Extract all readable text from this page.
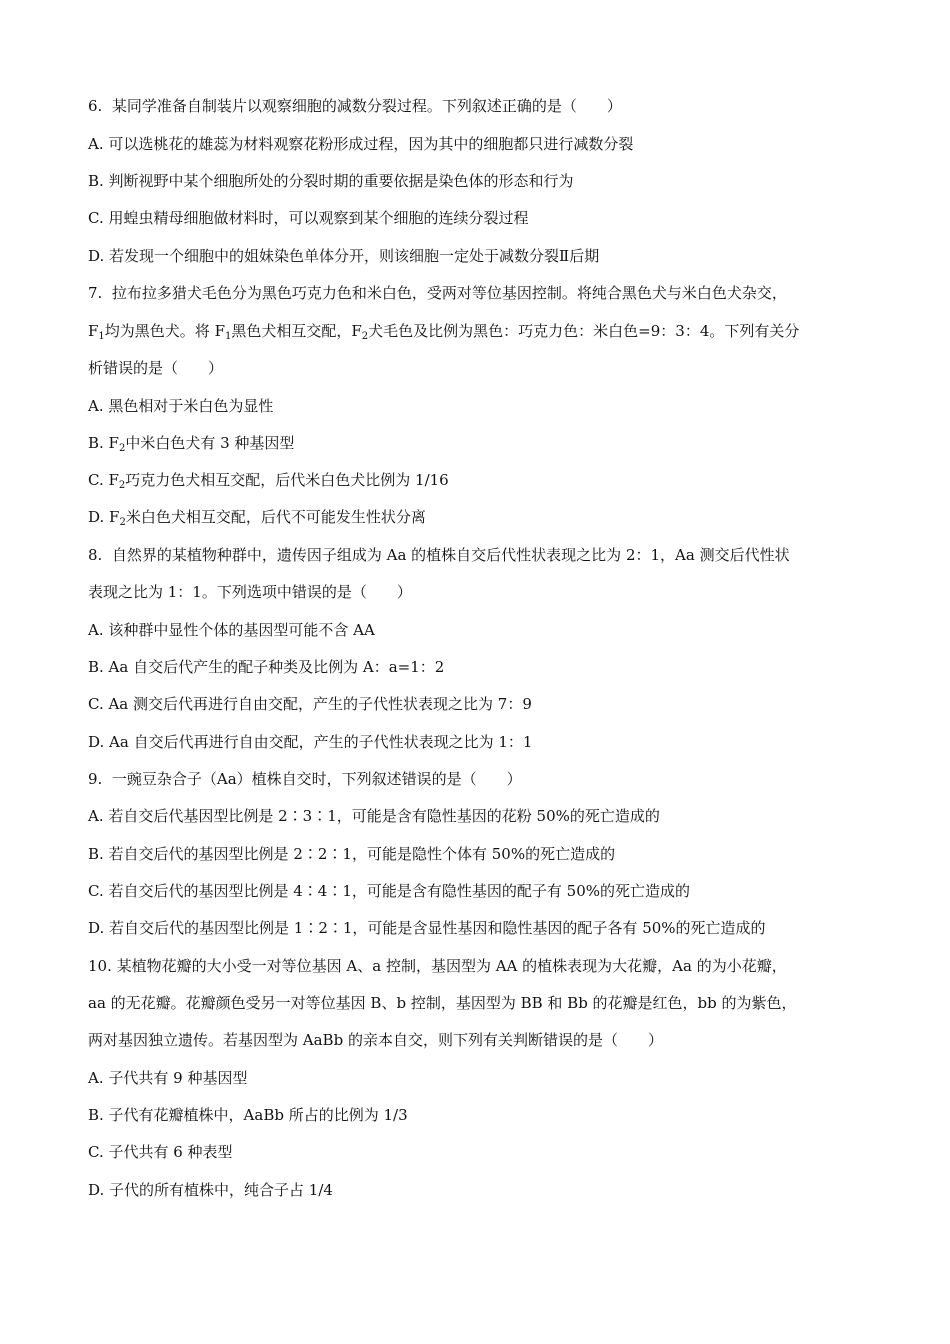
6. 某同学准备自制装片以观察细胞的减数分裂过程。下列叙述正确的是（　　）
A. 可以选桃花的雄蕊为材料观察花粉形成过程，因为其中的细胞都只进行减数分裂
B. 判断视野中某个细胞所处的分裂时期的重要依据是染色体的形态和行为
C. 用蝗虫精母细胞做材料时，可以观察到某个细胞的连续分裂过程
D. 若发现一个细胞中的姐妹染色单体分开，则该细胞一定处于减数分裂Ⅱ后期
7. 拉布拉多猎犬毛色分为黑色巧克力色和米白色，受两对等位基因控制。将纯合黑色犬与米白色犬杂交，
$F_1$均为黑色犬。将 $F_1$黑色犬相互交配，$F_2$犬毛色及比例为黑色：巧克力色：米白色=9：3：4。下列有关分
析错误的是（　　）
A. 黑色相对于米白色为显性
B. $F_2$中米白色犬有 3 种基因型
C. $F_2$巧克力色犬相互交配，后代米白色犬比例为 1/16
D. $F_2$米白色犬相互交配，后代不可能发生性状分离
8. 自然界的某植物种群中，遗传因子组成为 Aa 的植株自交后代性状表现之比为 2：1，Aa 测交后代性状
表现之比为 1：1。下列选项中错误的是（　　）
A. 该种群中显性个体的基因型可能不含 AA
B. Aa 自交后代产生的配子种类及比例为 A：a=1：2
C. Aa 测交后代再进行自由交配，产生的子代性状表现之比为 7：9
D. Aa 自交后代再进行自由交配，产生的子代性状表现之比为 1：1
9. 一豌豆杂合子（Aa）植株自交时，下列叙述错误的是（　　）
A. 若自交后代基因型比例是 2∶3∶1，可能是含有隐性基因的花粉 50%的死亡造成的
B. 若自交后代的基因型比例是 2∶2∶1，可能是隐性个体有 50%的死亡造成的
C. 若自交后代的基因型比例是 4∶4∶1，可能是含有隐性基因的配子有 50%的死亡造成的
D. 若自交后代的基因型比例是 1∶2∶1，可能是含显性基因和隐性基因的配子各有 50%的死亡造成的
10. 某植物花瓣的大小受一对等位基因 A、a 控制，基因型为 AA 的植株表现为大花瓣，Aa 的为小花瓣，
aa 的无花瓣。花瓣颜色受另一对等位基因 B、b 控制，基因型为 BB 和 Bb 的花瓣是红色，bb 的为紫色，
两对基因独立遗传。若基因型为 AaBb 的亲本自交，则下列有关判断错误的是（　　）
A. 子代共有 9 种基因型
B. 子代有花瓣植株中，AaBb 所占的比例为 1/3
C. 子代共有 6 种表型
D. 子代的所有植株中，纯合子占 1/4
